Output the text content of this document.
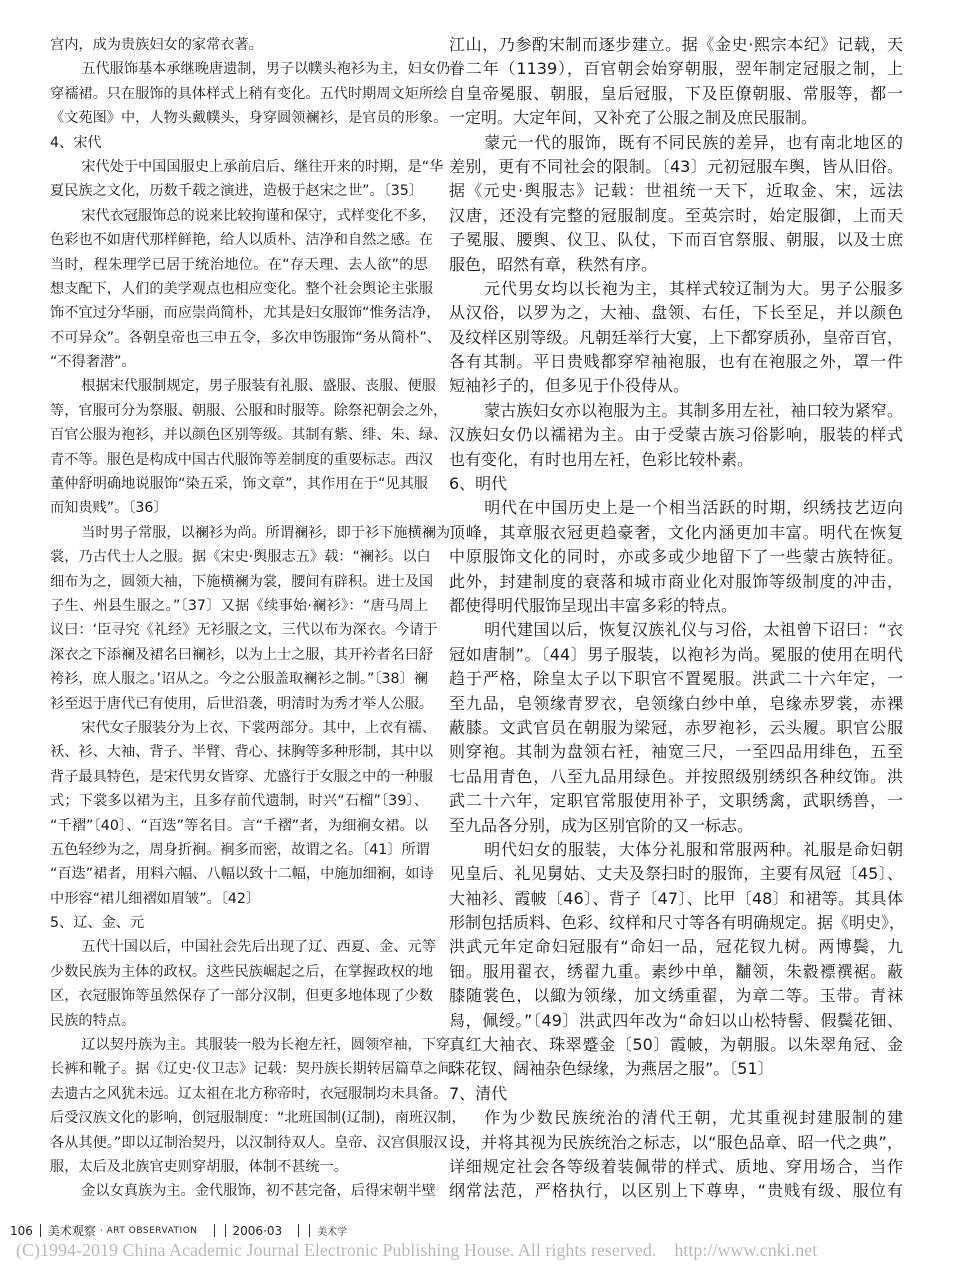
宫内，成为贵族妇女的家常衣著。
五代服饰基本承继晚唐遗制，男子以幞头袍衫为主，妇女仍
穿襦裙。只在服饰的具体样式上稍有变化。五代时期周文矩所绘
《文苑图》中，人物头戴幞头，身穿圆领襕衫，是官员的形象。
4、宋代
宋代处于中国国服史上承前启后、继往开来的时期，是“华
夏民族之文化，历数千载之演进，造极于赵宋之世”。〔35〕
宋代衣冠服饰总的说来比较拘谨和保守，式样变化不多，
色彩也不如唐代那样鲜艳，给人以质朴、洁净和自然之感。在
当时，程朱理学已居于统治地位。在“存天理、去人欲”的思
想支配下，人们的美学观点也相应变化。整个社会舆论主张服
饰不宜过分华丽，而应崇尚简朴，尤其是妇女服饰“惟务洁净，
不可异众”。各朝皇帝也三申五令，多次申饬服饰“务从简朴”、
“不得奢潜”。
根据宋代服制规定，男子服装有礼服、盛服、丧服、便服
等，官服可分为祭服、朝服、公服和时服等。除祭祀朝会之外，
百官公服为袍衫，并以颜色区别等级。其制有紫、绯、朱、绿、
青不等。服色是构成中国古代服饰等差制度的重要标志。西汉
董仲舒明确地说服饰“染五采，饰文章”，其作用在于“见其服
而知贵贱”。〔36〕
当时男子常服，以襕衫为尚。所谓襕衫，即于衫下施横襕为
裳，乃古代士人之服。据《宋史·舆服志五》载：“襕衫。以白
细布为之，圆领大袖，下施横襕为裳，腰间有辟积。进士及国
子生、州县生服之。”〔37〕又据《续事始·襕衫》：“唐马周上
议曰：‘臣寻究《礼经》无衫服之文，三代以布为深衣。今请于
深衣之下添襕及裙名曰襕衫，以为上士之服，其开衿者名曰舒
袴衫，庶人服之。’诏从之。今之公服盖取襕衫之制。”〔38〕襕
衫至迟于唐代已有使用，后世沿袭，明清时为秀才举人公服。
宋代女子服装分为上衣、下裳两部分。其中，上衣有襦、
袄、衫、大袖、背子、半臂、背心、抹胸等多种形制，其中以
背子最具特色，是宋代男女皆穿、尤盛行于女服之中的一种服
式；下裳多以裙为主，且多存前代遗制，时兴“石榴”〔39〕、
“千褶”〔40〕、“百迭”等名目。言“千褶”者，为细裥女裙。以
五色轻纱为之，周身折裥。裥多而密，故谓之名。〔41〕所谓
“百迭”裙者，用料六幅、八幅以致十二幅，中施加细裥，如诗
中形容“裙儿细褶如眉皱”。〔42〕
5、辽、金、元
五代十国以后，中国社会先后出现了辽、西夏、金、元等
少数民族为主体的政权。这些民族崛起之后，在掌握政权的地
区，衣冠服饰等虽然保存了一部分汉制，但更多地体现了少数
民族的特点。
辽以契丹族为主。其服装一般为长袍左衽，圆领窄袖，下穿
长裤和靴子。据《辽史·仪卫志》记载：契丹族长期转居篇草之间，
去遗古之风犹未远。辽太祖在北方称帝时，衣冠服制均未具备。
后受汉族文化的影响，创冠服制度：“北班国制(辽制)，南班汉制，
各从其便。”即以辽制治契丹，以汉制待双人。皇帝、汉宫俱服汉
服，太后及北族官吏则穿胡服，体制不甚统一。
金以女真族为主。金代服饰，初不甚完备，后得宋朝半壁
江山，乃参酌宋制而逐步建立。据《金史·熙宗本纪》记载，天
眷二年（1139），百官朝会始穿朝服，翌年制定冠服之制，上
自皇帝冕服、朝服，皇后冠服，下及臣僚朝服、常服等，都一
一定明。大定年间，又补充了公服之制及庶民服制。
蒙元一代的服饰，既有不同民族的差异，也有南北地区的
差别，更有不同社会的限制。〔43〕元初冠服车舆，皆从旧俗。
据《元史·舆服志》记载：世祖统一天下，近取金、宋，远法
汉唐，还没有完整的冠服制度。至英宗时，始定服御，上而天
子冕服、腰舆、仪卫、队仗，下而百官祭服、朝服，以及士庶
服色，昭然有章，秩然有序。
元代男女均以长袍为主，其样式较辽制为大。男子公服多
从汉俗，以罗为之，大袖、盘领、右任，下长至足，并以颜色
及纹样区别等级。凡朝廷举行大宴，上下都穿质孙，皇帝百官，
各有其制。平日贵贱都穿窄袖袍服，也有在袍服之外，罩一件
短袖衫子的，但多见于仆役侍从。
蒙古族妇女亦以袍服为主。其制多用左社，袖口较为紧窄。
汉族妇女仍以襦裙为主。由于受蒙古族习俗影响，服装的样式
也有变化，有时也用左衽，色彩比较朴素。
6、明代
明代在中国历史上是一个相当活跃的时期，织绣技艺迈向
顶峰，其章服衣冠更趋豪奢，文化内涵更加丰富。明代在恢复
中原服饰文化的同时，亦或多或少地留下了一些蒙古族特征。
此外，封建制度的衰落和城市商业化对服饰等级制度的冲击，
都使得明代服饰呈现出丰富多彩的特点。
明代建国以后，恢复汉族礼仪与习俗，太祖曾下诏曰：“衣
冠如唐制”。〔44〕男子服装，以袍衫为尚。冕服的使用在明代
趋于严格，除皇太子以下职官不置冕服。洪武二十六年定，一
至九品，皂领缘青罗衣，皂领缘白纱中单，皂缘赤罗裳，赤裸
蔽膝。文武官员在朝服为梁冠，赤罗袍衫，云头履。职官公服
则穿袍。其制为盘领右衽，袖宽三尺，一至四品用绯色，五至
七品用青色，八至九品用绿色。并按照级别绣织各种纹饰。洪
武二十六年，定职官常服使用补子，文职绣禽，武职绣兽，一
至九品各分别，成为区别官阶的又一标志。
明代妇女的服装，大体分礼服和常服两种。礼服是命妇朝
见皇后、礼见舅姑、丈夫及祭扫时的服饰，主要有凤冠〔45〕、
大袖衫、霞帔〔46〕、背子〔47〕、比甲〔48〕和裙等。其具体
形制包括质料、色彩、纹样和尺寸等各有明确规定。据《明史》，
洪武元年定命妇冠服有“命妇一品，冠花钗九树。两博鬓，九
钿。服用翟衣，绣翟九重。素纱中单，黼领，朱縠褾襈裾。蔽
膝随裳色，以緅为领缘，加文绣重翟，为章二等。玉带。青袜
舄，佩绶。”〔49〕洪武四年改为“命妇以山松特髻、假鬓花钿、
真红大袖衣、珠翠蹙金〔50〕霞帔，为朝服。以朱翠角冠、金
珠花钗、阔袖杂色绿缘，为燕居之服”。〔51〕
7、清代
作为少数民族统治的清代王朝，尤其重视封建服制的建
设，并将其视为民族统治之标志，以“服色品章、昭一代之典”，
详细规定社会各等级着装佩带的样式、质地、穿用场合，当作
纲常法范，严格执行，以区别上下尊卑，“贵贱有级、服位有
106 美术观察 · ART OBSERVATION	2006·03	美术学
(C)1994-2019 China Academic Journal Electronic Publishing House. All rights reserved.    http://www.cnki.net
